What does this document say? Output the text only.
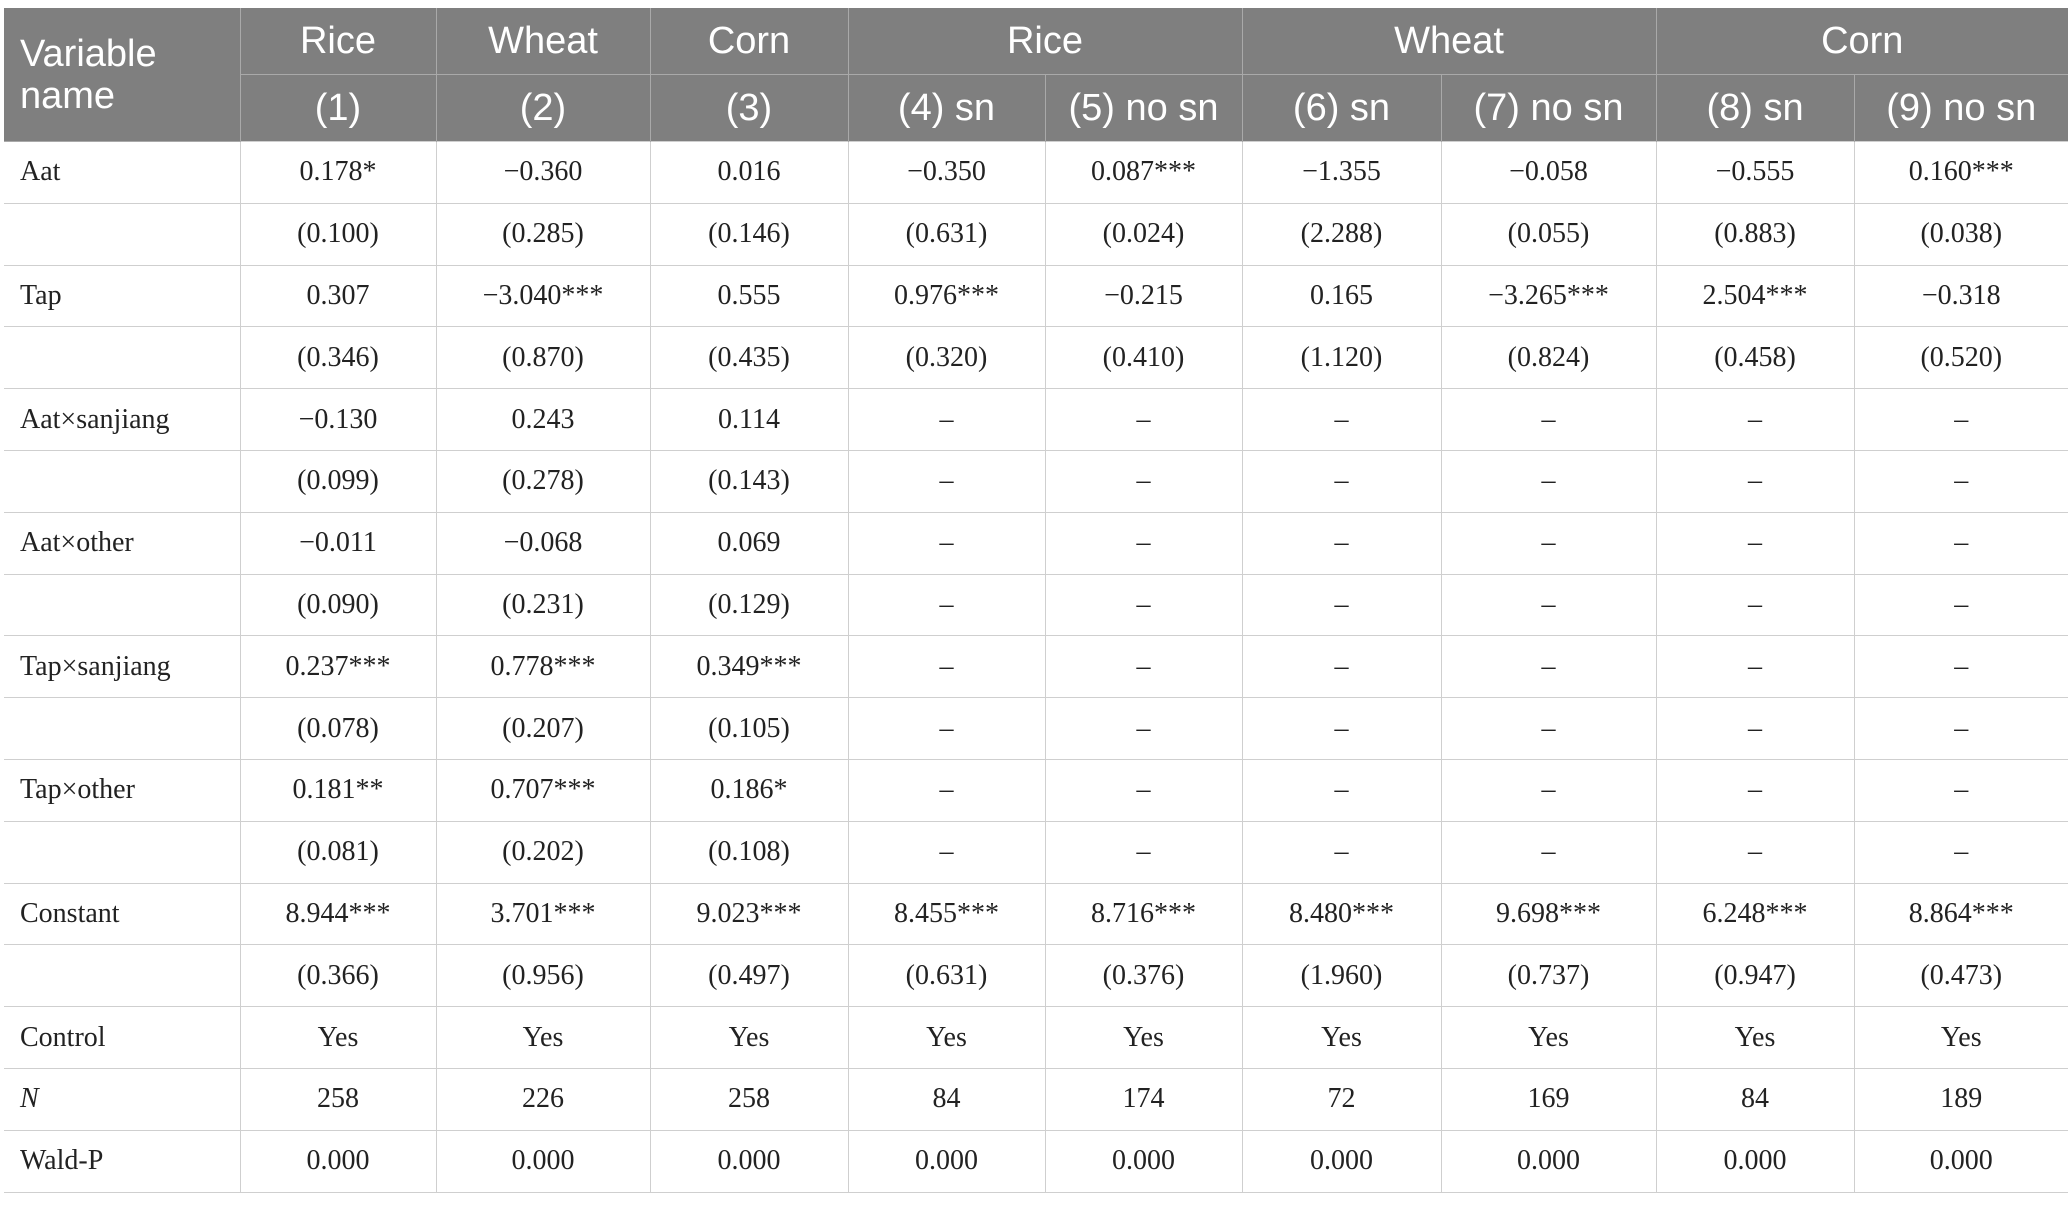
Variable name	Rice	Wheat	Corn	Rice		Wheat		Corn	
	(1)	(2)	(3)	(4) sn	(5) no sn	(6) sn	(7) no sn	(8) sn	(9) no sn
Aat	0.178*	−0.360	0.016	−0.350	0.087***	−1.355	−0.058	−0.555	0.160***
	(0.100)	(0.285)	(0.146)	(0.631)	(0.024)	(2.288)	(0.055)	(0.883)	(0.038)
Tap	0.307	−3.040***	0.555	0.976***	−0.215	0.165	−3.265***	2.504***	−0.318
	(0.346)	(0.870)	(0.435)	(0.320)	(0.410)	(1.120)	(0.824)	(0.458)	(0.520)
Aat×sanjiang	−0.130	0.243	0.114	–	–	–	–	–	–
	(0.099)	(0.278)	(0.143)	–	–	–	–	–	–
Aat×other	−0.011	−0.068	0.069	–	–	–	–	–	–
	(0.090)	(0.231)	(0.129)	–	–	–	–	–	–
Tap×sanjiang	0.237***	0.778***	0.349***	–	–	–	–	–	–
	(0.078)	(0.207)	(0.105)	–	–	–	–	–	–
Tap×other	0.181**	0.707***	0.186*	–	–	–	–	–	–
	(0.081)	(0.202)	(0.108)	–	–	–	–	–	–
Constant	8.944***	3.701***	9.023***	8.455***	8.716***	8.480***	9.698***	6.248***	8.864***
	(0.366)	(0.956)	(0.497)	(0.631)	(0.376)	(1.960)	(0.737)	(0.947)	(0.473)
Control	Yes	Yes	Yes	Yes	Yes	Yes	Yes	Yes	Yes
N	258	226	258	84	174	72	169	84	189
Wald-P	0.000	0.000	0.000	0.000	0.000	0.000	0.000	0.000	0.000
